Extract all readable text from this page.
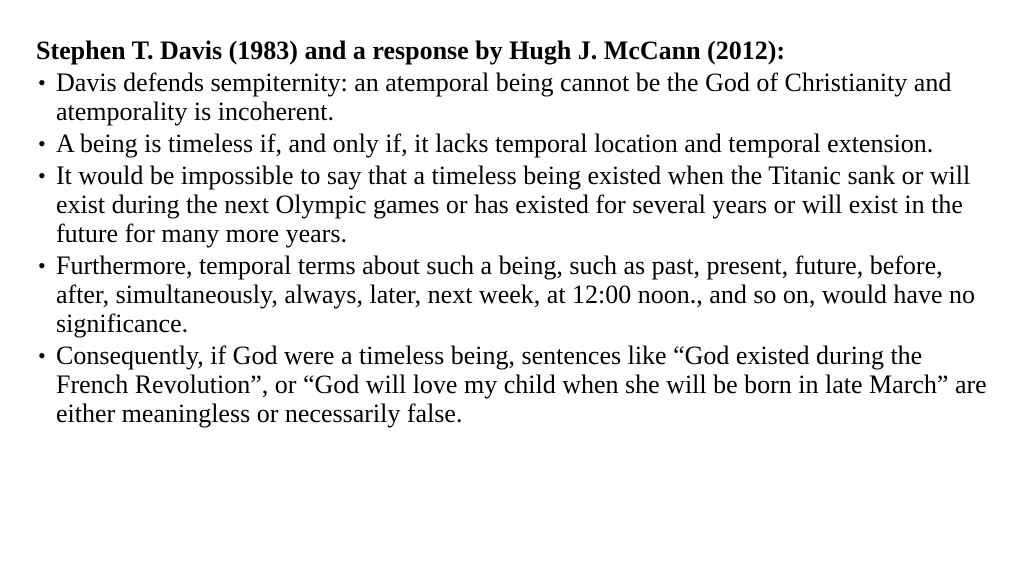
Stephen T. Davis (1983) and a response by Hugh J. McCann (2012):
• Davis defends sempiternity: an atemporal being cannot be the God of Christianity and atemporality is incoherent.
• A being is timeless if, and only if, it lacks temporal location and temporal extension.
• It would be impossible to say that a timeless being existed when the Titanic sank or will exist during the next Olympic games or has existed for several years or will exist in the future for many more years.
• Furthermore, temporal terms about such a being, such as past, present, future, before, after, simultaneously, always, later, next week, at 12:00 noon., and so on, would have no significance.
• Consequently, if God were a timeless being, sentences like “God existed during the French Revolution”, or “God will love my child when she will be born in late March” are either meaningless or necessarily false.
